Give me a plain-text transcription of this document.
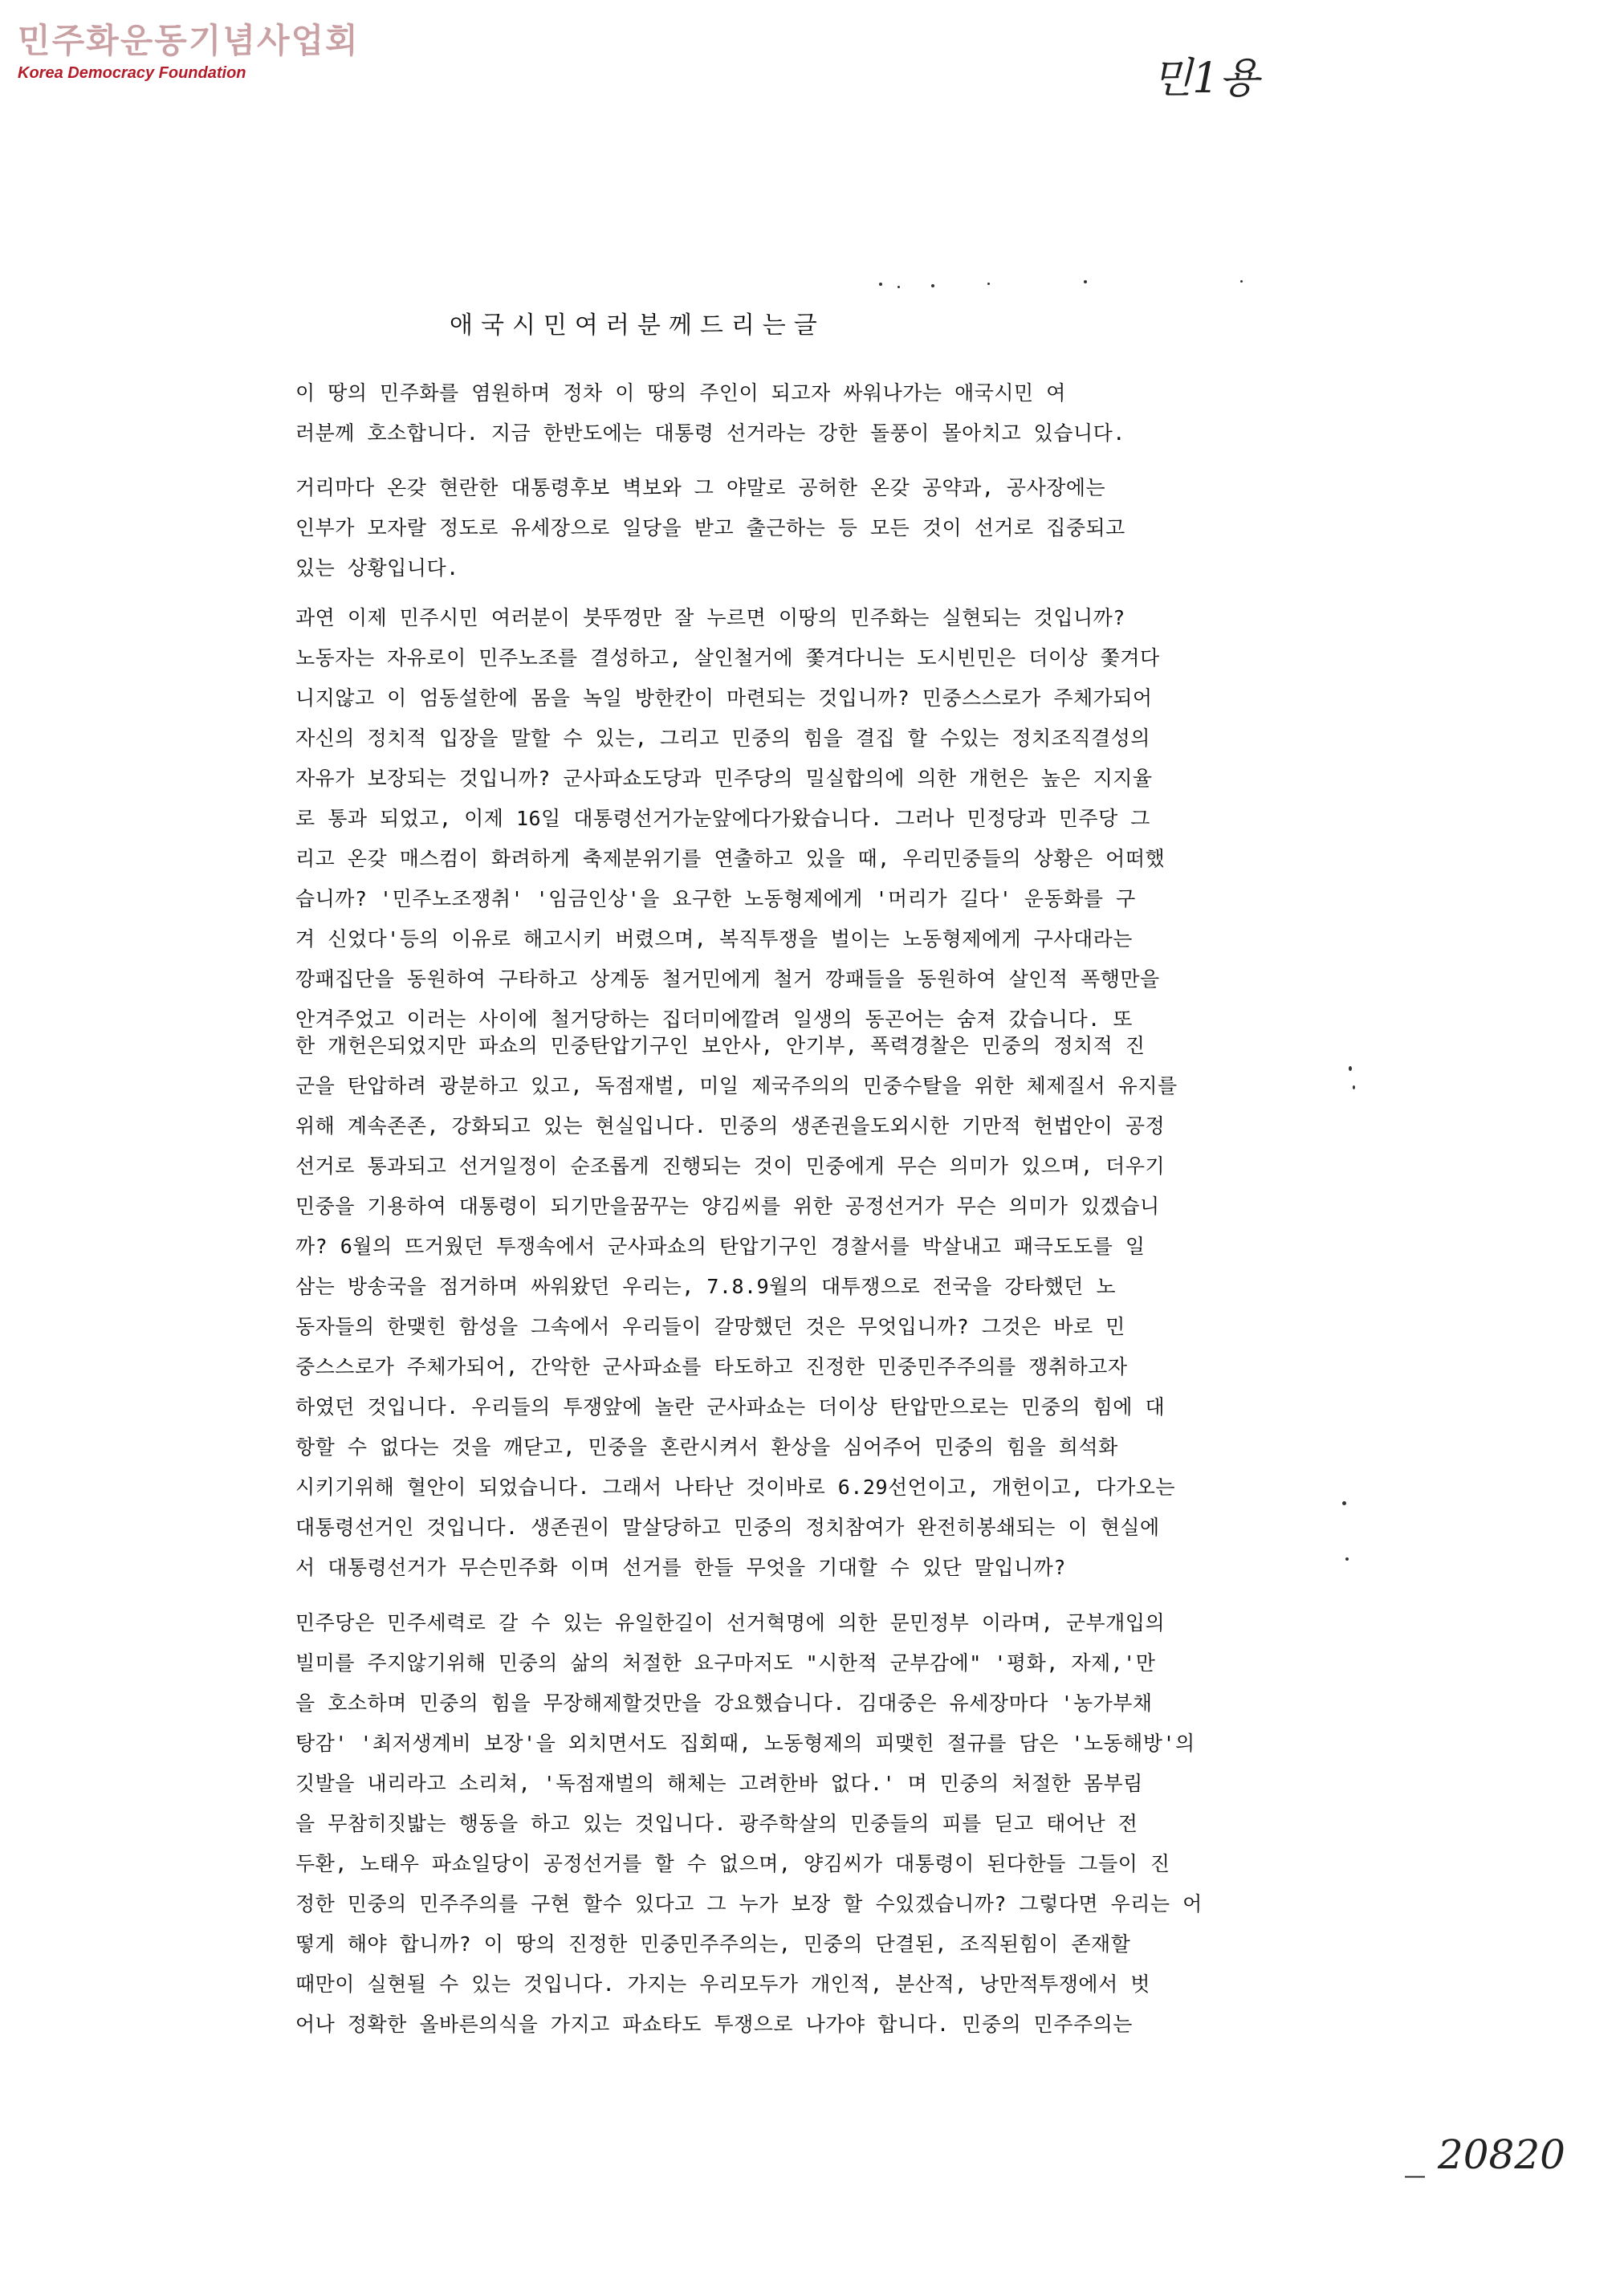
민주화운동기념사업회
Korea Democracy Foundation	민1용
애국시민여러분께드리는글
이 땅의 민주화를 염원하며 정차 이 땅의 주인이 되고자 싸워나가는 애국시민 여
러분께 호소합니다. 지금 한반도에는 대통령 선거라는 강한 돌풍이 몰아치고 있습니다.
거리마다 온갖 현란한 대통령후보 벽보와 그 야말로 공허한 온갖 공약과, 공사장에는
인부가 모자랄 정도로 유세장으로 일당을 받고 출근하는 등 모든 것이 선거로 집중되고
있는 상황입니다.
과연 이제 민주시민 여러분이 붓뚜껑만 잘 누르면 이땅의 민주화는 실현되는 것입니까?
노동자는 자유로이 민주노조를 결성하고, 살인철거에 쫓겨다니는 도시빈민은 더이상 쫓겨다
니지않고 이 엄동설한에 몸을 녹일 방한칸이 마련되는 것입니까? 민중스스로가 주체가되어
자신의 정치적 입장을 말할 수 있는, 그리고 민중의 힘을 결집 할 수있는 정치조직결성의
자유가 보장되는 것입니까? 군사파쇼도당과 민주당의 밀실합의에 의한 개헌은 높은 지지율
로 통과 되었고, 이제 16일 대통령선거가눈앞에다가왔습니다. 그러나 민정당과 민주당 그
리고 온갖 매스컴이 화려하게 축제분위기를 연출하고 있을 때, 우리민중들의 상황은 어떠했
습니까? '민주노조쟁취' '임금인상'을 요구한 노동형제에게 '머리가 길다' 운동화를 구
겨 신었다'등의 이유로 해고시키 버렸으며, 복직투쟁을 벌이는 노동형제에게 구사대라는
깡패집단을 동원하여 구타하고 상계동 철거민에게 철거 깡패들을 동원하여 살인적 폭행만을
안겨주었고 이러는 사이에 철거당하는 집더미에깔려 일생의 동곤어는 숨져 갔습니다. 또
한 개헌은되었지만 파쇼의 민중탄압기구인 보안사, 안기부, 폭력경찰은 민중의 정치적 진
군을 탄압하려 광분하고 있고, 독점재벌, 미일 제국주의의 민중수탈을 위한 체제질서 유지를
위해 계속존존, 강화되고 있는 현실입니다. 민중의 생존권을도외시한 기만적 헌법안이 공정
선거로 통과되고 선거일정이 순조롭게 진행되는 것이 민중에게 무슨 의미가 있으며, 더우기
민중을 기용하여 대통령이 되기만을꿈꾸는 양김씨를 위한 공정선거가 무슨 의미가 있겠습니
까? 6월의 뜨거웠던 투쟁속에서 군사파쇼의 탄압기구인 경찰서를 박살내고 패극도도를 일
삼는 방송국을 점거하며 싸워왔던 우리는, 7.8.9월의 대투쟁으로 전국을 강타했던 노
동자들의 한맺힌 함성을 그속에서 우리들이 갈망했던 것은 무엇입니까? 그것은 바로 민
중스스로가 주체가되어, 간악한 군사파쇼를 타도하고 진정한 민중민주주의를 쟁취하고자
하였던 것입니다. 우리들의 투쟁앞에 놀란 군사파쇼는 더이상 탄압만으로는 민중의 힘에 대
항할 수 없다는 것을 깨닫고, 민중을 혼란시켜서 환상을 심어주어 민중의 힘을 희석화
시키기위해 혈안이 되었습니다. 그래서 나타난 것이바로 6.29선언이고, 개헌이고, 다가오는
대통령선거인 것입니다. 생존권이 말살당하고 민중의 정치참여가 완전히봉쇄되는 이 현실에
서 대통령선거가 무슨민주화 이며 선거를 한들 무엇을 기대할 수 있단 말입니까?
민주당은 민주세력로 갈 수 있는 유일한길이 선거혁명에 의한 문민정부 이라며, 군부개입의
빌미를 주지않기위해 민중의 삶의 처절한 요구마저도 "시한적 군부감에" '평화, 자제,'만
을 호소하며 민중의 힘을 무장해제할것만을 강요했습니다. 김대중은 유세장마다 '농가부채
탕감' '최저생계비 보장'을 외치면서도 집회때, 노동형제의 피맺힌 절규를 담은 '노동해방'의
깃발을 내리라고 소리쳐, '독점재벌의 해체는 고려한바 없다.' 며 민중의 처절한 몸부림
을 무참히짓밟는 행동을 하고 있는 것입니다. 광주학살의 민중들의 피를 딛고 태어난 전
두환, 노태우 파쇼일당이 공정선거를 할 수 없으며, 양김씨가 대통령이 된다한들 그들이 진
정한 민중의 민주주의를 구현 할수 있다고 그 누가 보장 할 수있겠습니까? 그렇다면 우리는 어
떻게 해야 합니까? 이 땅의 진정한 민중민주주의는, 민중의 단결된, 조직된힘이 존재할
때만이 실현될 수 있는 것입니다. 가지는 우리모두가 개인적, 분산적, 낭만적투쟁에서 벗
어나 정확한 올바른의식을 가지고 파쇼타도 투쟁으로 나가야 합니다. 민중의 민주주의는
_ 20820
